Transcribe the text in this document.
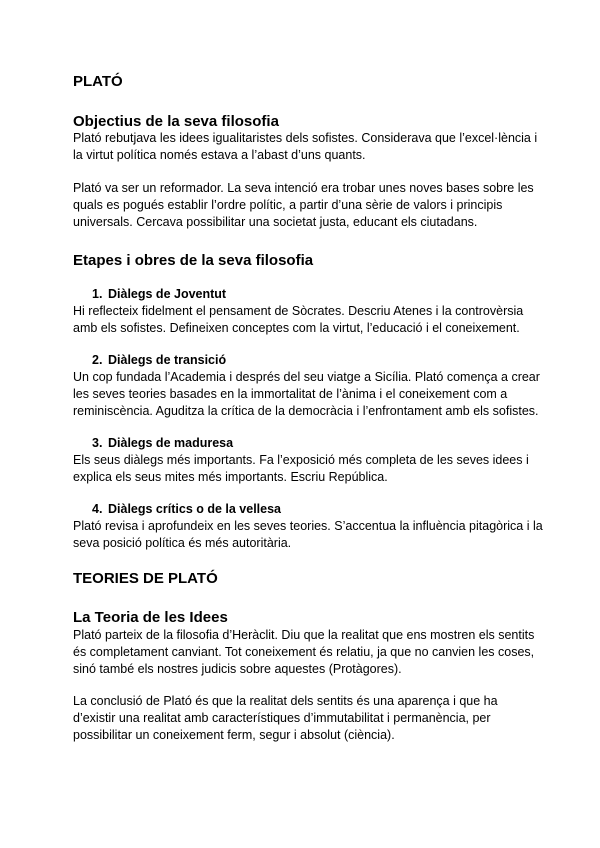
PLATÓ
Objectius de la seva filosofia
Plató rebutjava les idees igualitaristes dels sofistes. Considerava que l’excel·lència i
la virtut política només estava a l’abast d’uns quants.
Plató va ser un reformador. La seva intenció era trobar unes noves bases sobre les
quals es pogués establir l’ordre polític, a partir d’una sèrie de valors i principis
universals. Cercava possibilitar una societat justa, educant els ciutadans.
Etapes i obres de la seva filosofia
1. Diàlegs de Joventut
Hi reflecteix fidelment el pensament de Sòcrates. Descriu Atenes i la controvèrsia
amb els sofistes. Defineixen conceptes com la virtut, l’educació i el coneixement.
2. Diàlegs de transició
Un cop fundada l’Academia i després del seu viatge a Sicília. Plató comença a crear
les seves teories basades en la immortalitat de l’ànima i el coneixement com a
reminiscència. Aguditza la crítica de la democràcia i l’enfrontament amb els sofistes.
3. Diàlegs de maduresa
Els seus diàlegs més importants. Fa l’exposició més completa de les seves idees i
explica els seus mites més importants. Escriu República.
4. Diàlegs crítics o de la vellesa
Plató revisa i aprofundeix en les seves teories. S’accentua la influència pitagòrica i la
seva posició política és més autoritària.
TEORIES DE PLATÓ
La Teoria de les Idees
Plató parteix de la filosofia d’Heràclit. Diu que la realitat que ens mostren els sentits
és completament canviant. Tot coneixement és relatiu, ja que no canvien les coses,
sinó també els nostres judicis sobre aquestes (Protàgores).
La conclusió de Plató és que la realitat dels sentits és una aparença i que ha
d’existir una realitat amb característiques d’immutabilitat i permanència, per
possibilitar un coneixement ferm, segur i absolut (ciència).
